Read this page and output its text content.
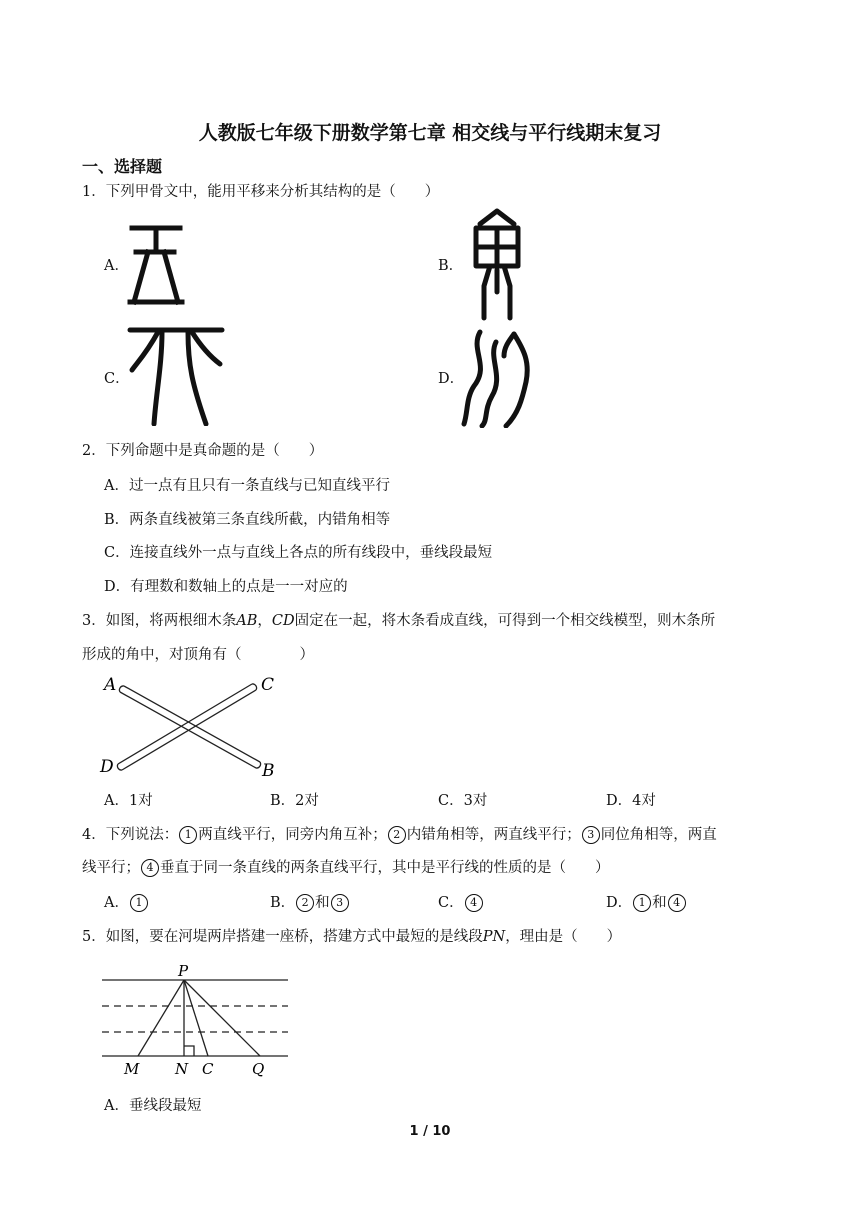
人教版七年级下册数学第七章 相交线与平行线期末复习
一、选择题
1．下列甲骨文中，能用平移来分析其结构的是（　　）
A．	B．
C．	D．
2．下列命题中是真命题的是（　　）
A．过一点有且只有一条直线与已知直线平行
B．两条直线被第三条直线所截，内错角相等
C．连接直线外一点与直线上各点的所有线段中，垂线段最短
D．有理数和数轴上的点是一一对应的
3．如图，将两根细木条AB，CD固定在一起，将木条看成直线，可得到一个相交线模型，则木条所
形成的角中，对顶角有（　　　　）
A	C
D	B
A．1对	B．2对	C．3对	D．4对
4．下列说法： 1 两直线平行，同旁内角互补； 2 内错角相等，两直线平行； 3 同位角相等，两直
线平行； 4 垂直于同一条直线的两条直线平行，其中是平行线的性质的是（　　）
A． 1	B． 2 和 3	C． 4	D． 1 和 4
5．如图，要在河堤两岸搭建一座桥，搭建方式中最短的是线段PN，理由是（　　）
P
M N C	Q
A．垂线段最短
1 / 10
